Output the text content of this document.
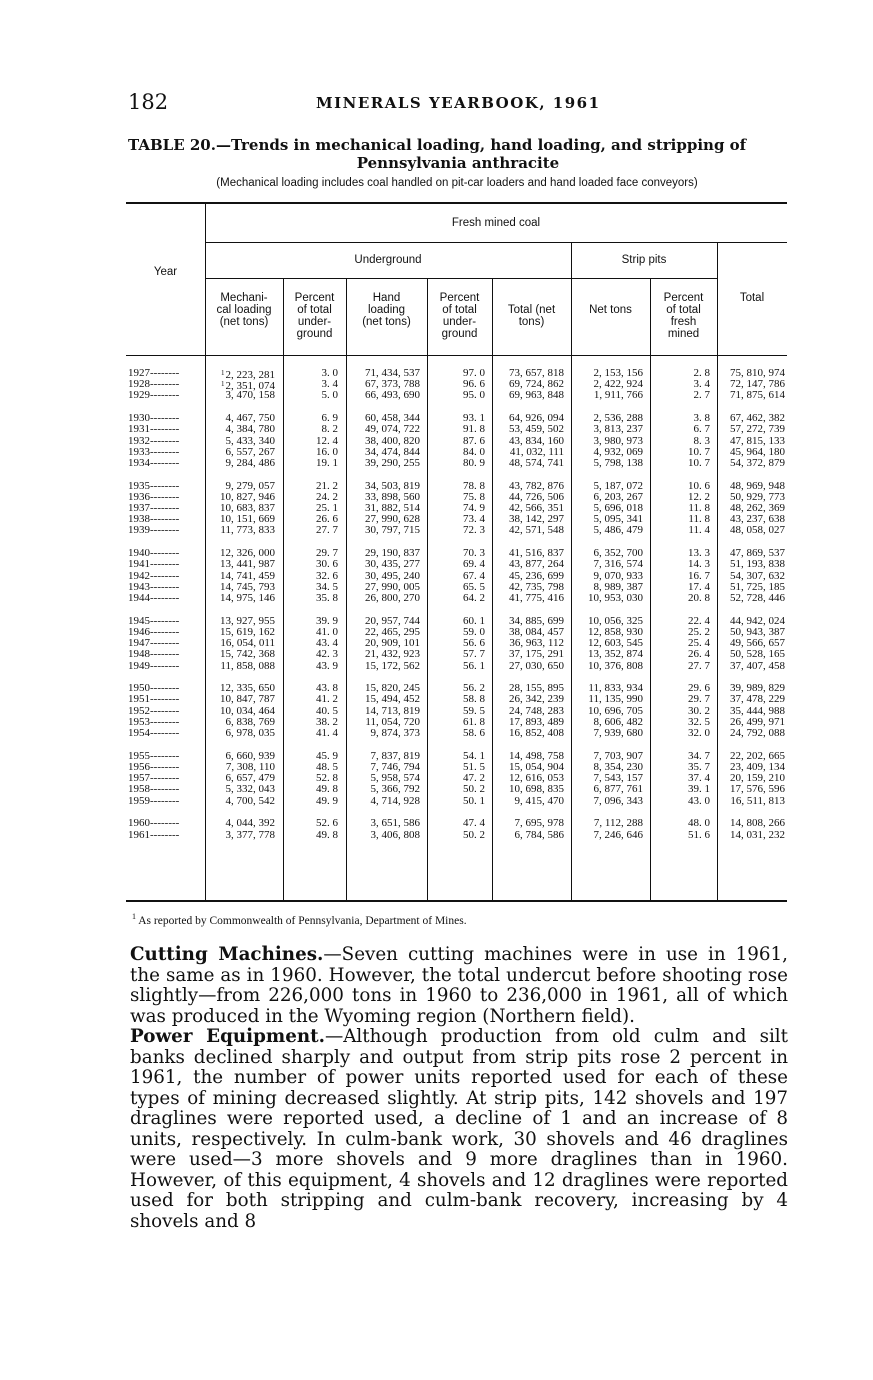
182	MINERALS YEARBOOK, 1961
TABLE 20.—Trends in mechanical loading, hand loading, and stripping of
Pennsylvania anthracite
(Mechanical loading includes coal handled on pit-car loaders and hand loaded face conveyors)
Year
Fresh mined coal
Underground	Strip pits
Total
Mechani-
cal loading
(net tons)
Percent
of total
under-
ground
Hand
loading
(net tons)
Percent
of total
under-
ground
Total (net
tons)
Net tons
Percent
of total
fresh
mined
1927--------
1928--------
1929--------
1930--------
1931--------
1932--------
1933--------
1934--------
1935--------
1936--------
1937--------
1938--------
1939--------
1940--------
1941--------
1942--------
1943--------
1944--------
1945--------
1946--------
1947--------
1948--------
1949--------
1950--------
1951--------
1952--------
1953--------
1954--------
1955--------
1956--------
1957--------
1958--------
1959--------
1960--------
1961--------
$^1$2, 223, 281
$^1$2, 351, 074
3, 470, 158
4, 467, 750
4, 384, 780
5, 433, 340
6, 557, 267
9, 284, 486
9, 279, 057
10, 827, 946
10, 683, 837
10, 151, 669
11, 773, 833
12, 326, 000
13, 441, 987
14, 741, 459
14, 745, 793
14, 975, 146
13, 927, 955
15, 619, 162
16, 054, 011
15, 742, 368
11, 858, 088
12, 335, 650
10, 847, 787
10, 034, 464
6, 838, 769
6, 978, 035
6, 660, 939
7, 308, 110
6, 657, 479
5, 332, 043
4, 700, 542
4, 044, 392
3, 377, 778
3. 0
3. 4
5. 0
6. 9
8. 2
12. 4
16. 0
19. 1
21. 2
24. 2
25. 1
26. 6
27. 7
29. 7
30. 6
32. 6
34. 5
35. 8
39. 9
41. 0
43. 4
42. 3
43. 9
43. 8
41. 2
40. 5
38. 2
41. 4
45. 9
48. 5
52. 8
49. 8
49. 9
52. 6
49. 8
71, 434, 537
67, 373, 788
66, 493, 690
60, 458, 344
49, 074, 722
38, 400, 820
34, 474, 844
39, 290, 255
34, 503, 819
33, 898, 560
31, 882, 514
27, 990, 628
30, 797, 715
29, 190, 837
30, 435, 277
30, 495, 240
27, 990, 005
26, 800, 270
20, 957, 744
22, 465, 295
20, 909, 101
21, 432, 923
15, 172, 562
15, 820, 245
15, 494, 452
14, 713, 819
11, 054, 720
9, 874, 373
7, 837, 819
7, 746, 794
5, 958, 574
5, 366, 792
4, 714, 928
3, 651, 586
3, 406, 808
97. 0
96. 6
95. 0
93. 1
91. 8
87. 6
84. 0
80. 9
78. 8
75. 8
74. 9
73. 4
72. 3
70. 3
69. 4
67. 4
65. 5
64. 2
60. 1
59. 0
56. 6
57. 7
56. 1
56. 2
58. 8
59. 5
61. 8
58. 6
54. 1
51. 5
47. 2
50. 2
50. 1
47. 4
50. 2
73, 657, 818
69, 724, 862
69, 963, 848
64, 926, 094
53, 459, 502
43, 834, 160
41, 032, 111
48, 574, 741
43, 782, 876
44, 726, 506
42, 566, 351
38, 142, 297
42, 571, 548
41, 516, 837
43, 877, 264
45, 236, 699
42, 735, 798
41, 775, 416
34, 885, 699
38, 084, 457
36, 963, 112
37, 175, 291
27, 030, 650
28, 155, 895
26, 342, 239
24, 748, 283
17, 893, 489
16, 852, 408
14, 498, 758
15, 054, 904
12, 616, 053
10, 698, 835
9, 415, 470
7, 695, 978
6, 784, 586
2, 153, 156
2, 422, 924
1, 911, 766
2, 536, 288
3, 813, 237
3, 980, 973
4, 932, 069
5, 798, 138
5, 187, 072
6, 203, 267
5, 696, 018
5, 095, 341
5, 486, 479
6, 352, 700
7, 316, 574
9, 070, 933
8, 989, 387
10, 953, 030
10, 056, 325
12, 858, 930
12, 603, 545
13, 352, 874
10, 376, 808
11, 833, 934
11, 135, 990
10, 696, 705
8, 606, 482
7, 939, 680
7, 703, 907
8, 354, 230
7, 543, 157
6, 877, 761
7, 096, 343
7, 112, 288
7, 246, 646
2. 8
3. 4
2. 7
3. 8
6. 7
8. 3
10. 7
10. 7
10. 6
12. 2
11. 8
11. 8
11. 4
13. 3
14. 3
16. 7
17. 4
20. 8
22. 4
25. 2
25. 4
26. 4
27. 7
29. 6
29. 7
30. 2
32. 5
32. 0
34. 7
35. 7
37. 4
39. 1
43. 0
48. 0
51. 6
75, 810, 974
72, 147, 786
71, 875, 614
67, 462, 382
57, 272, 739
47, 815, 133
45, 964, 180
54, 372, 879
48, 969, 948
50, 929, 773
48, 262, 369
43, 237, 638
48, 058, 027
47, 869, 537
51, 193, 838
54, 307, 632
51, 725, 185
52, 728, 446
44, 942, 024
50, 943, 387
49, 566, 657
50, 528, 165
37, 407, 458
39, 989, 829
37, 478, 229
35, 444, 988
26, 499, 971
24, 792, 088
22, 202, 665
23, 409, 134
20, 159, 210
17, 576, 596
16, 511, 813
14, 808, 266
14, 031, 232
$^1$ As reported by Commonwealth of Pennsylvania, Department of Mines.

Cutting Machines.—Seven cutting machines were in use in 1961, the same as in 1960. However, the total undercut before shooting rose slightly—from 226,000 tons in 1960 to 236,000 in 1961, all of which was produced in the Wyoming region (Northern field).

Power Equipment.—Although production from old culm and silt banks declined sharply and output from strip pits rose 2 percent in 1961, the number of power units reported used for each of these types of mining decreased slightly. At strip pits, 142 shovels and 197 draglines were reported used, a decline of 1 and an increase of 8 units, respectively. In culm-bank work, 30 shovels and 46 draglines were used—3 more shovels and 9 more draglines than in 1960. However, of this equipment, 4 shovels and 12 draglines were reported used for both stripping and culm-bank recovery, increasing by 4 shovels and 8
